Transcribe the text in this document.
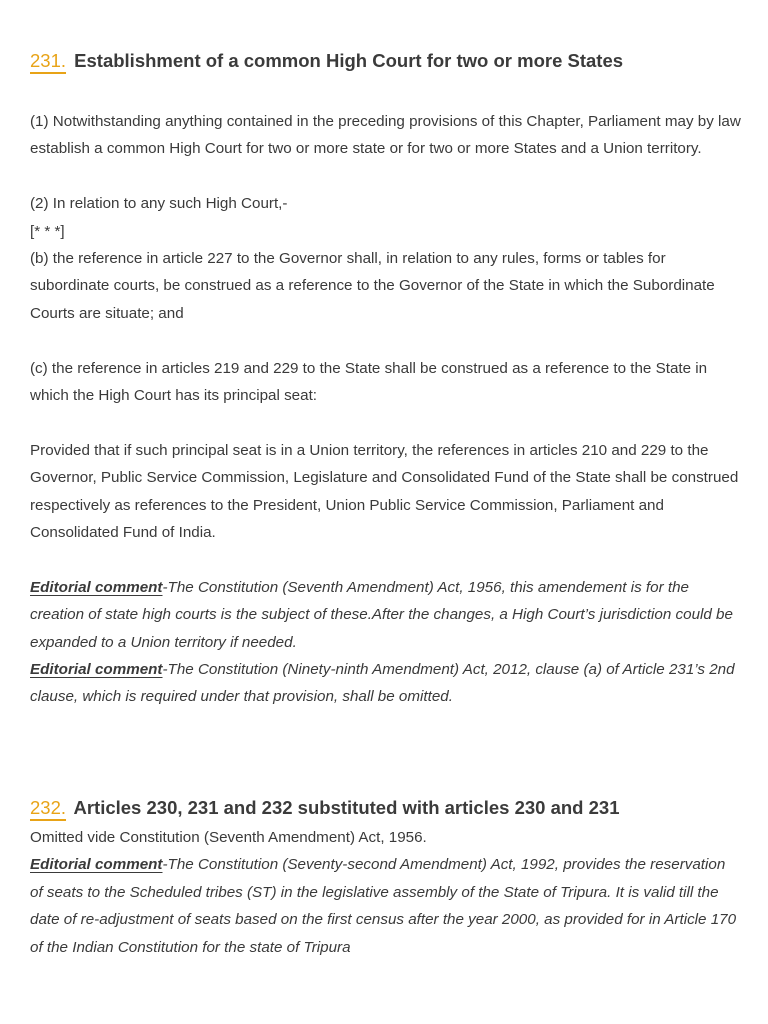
231. Establishment of a common High Court for two or more States

(1) Notwithstanding anything contained in the preceding provisions of this Chapter, Parliament may by law establish a common High Court for two or more state or for two or more States and a Union territory.

(2) In relation to any such High Court,-

[* * *]

(b) the reference in article 227 to the Governor shall, in relation to any rules, forms or tables for subordinate courts, be construed as a reference to the Governor of the State in which the Subordinate Courts are situate; and

(c) the reference in articles 219 and 229 to the State shall be construed as a reference to the State in which the High Court has its principal seat:

Provided that if such principal seat is in a Union territory, the references in articles 210 and 229 to the Governor, Public Service Commission, Legislature and Consolidated Fund of the State shall be construed respectively as references to the President, Union Public Service Commission, Parliament and Consolidated Fund of India.

Editorial comment-The Constitution (Seventh Amendment) Act, 1956, this amendement is for the creation of state high courts is the subject of these.After the changes, a High Court’s jurisdiction could be expanded to a Union territory if needed.

Editorial comment-The Constitution (Ninety-ninth Amendment) Act, 2012, clause (a) of Article 231’s 2nd clause, which is required under that provision, shall be omitted.

232. Articles 230, 231 and 232 substituted with articles 230 and 231

Omitted vide Constitution (Seventh Amendment) Act, 1956.

Editorial comment-The Constitution (Seventy-second Amendment) Act, 1992, provides the reservation of seats to the Scheduled tribes (ST) in the legislative assembly of the State of Tripura. It is valid till the date of re-adjustment of seats based on the first census after the year 2000, as provided for in Article 170 of the Indian Constitution for the state of Tripura
